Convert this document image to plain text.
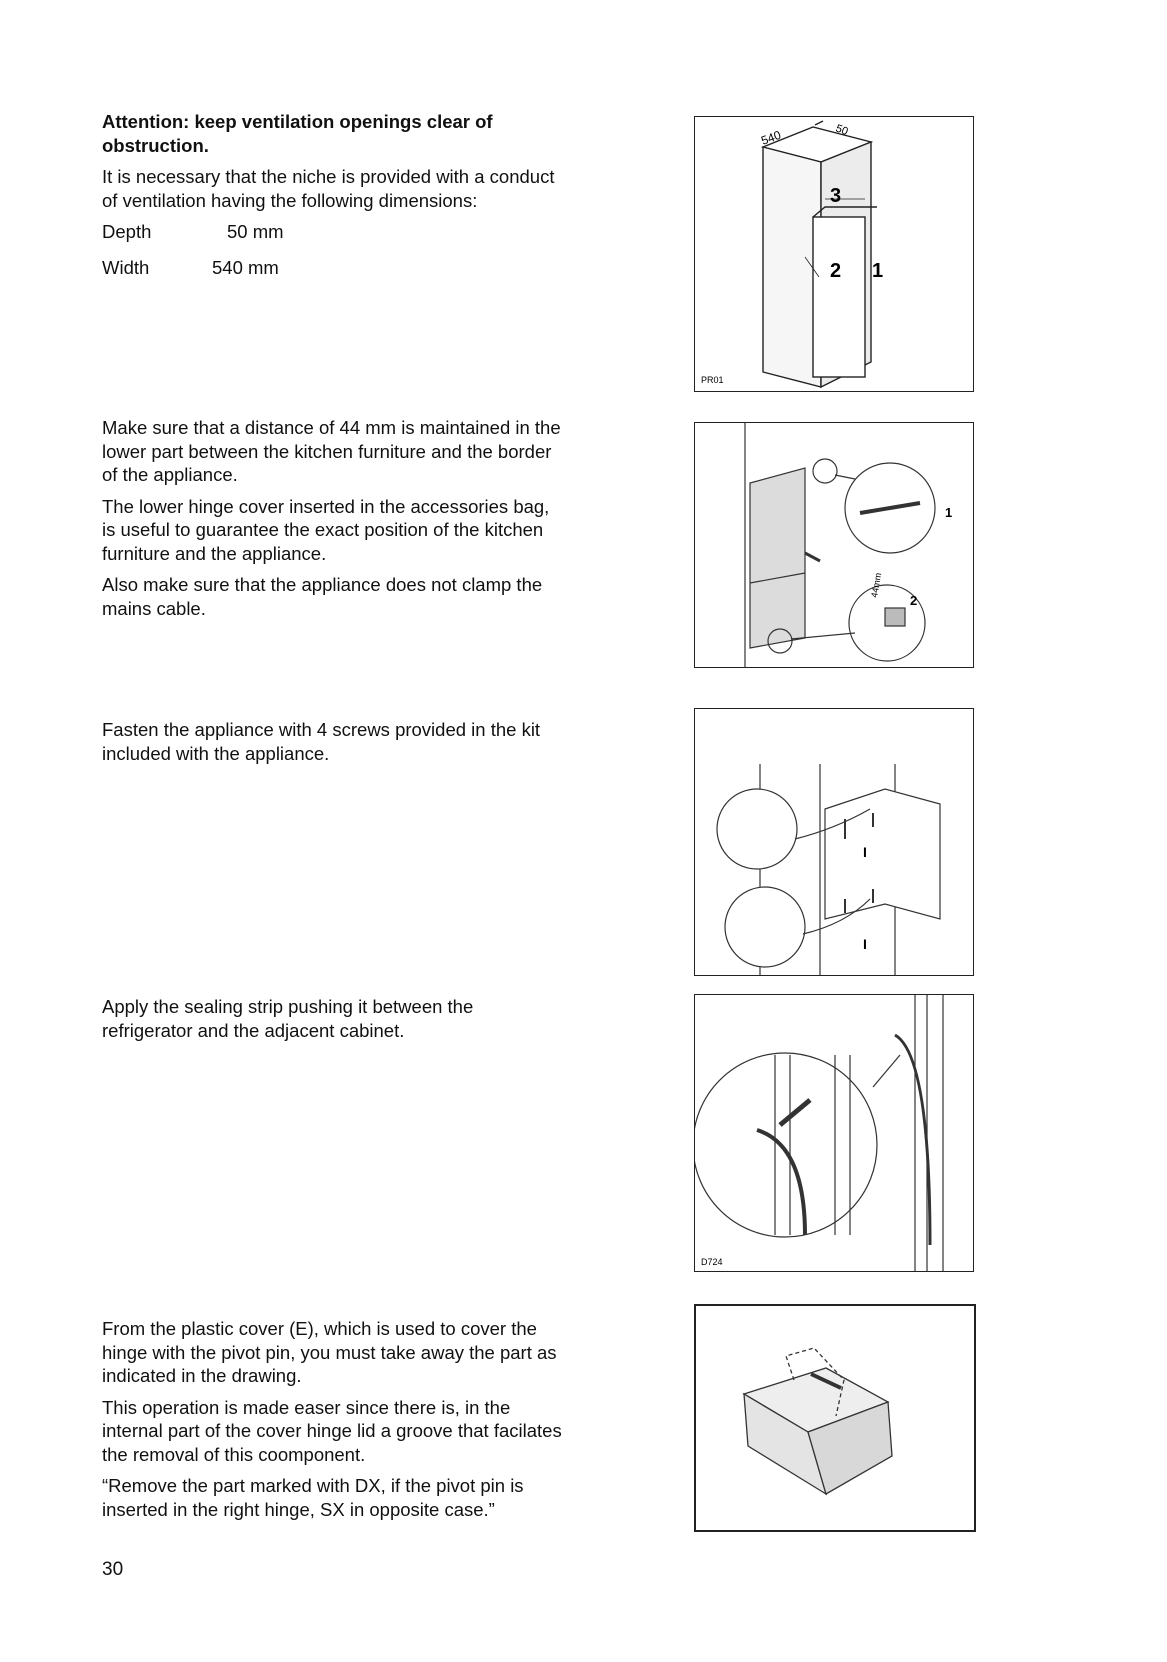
Attention: keep ventilation openings clear of obstruction.

It is necessary that the niche is provided with a conduct of ventilation having the following dimensions:

Depth	50 mm
Width	540 mm
540	50
1
2
3
PR01

Make sure that a distance of 44 mm is maintained in the lower part between the kitchen furniture and the border of the appliance.

The lower hinge cover inserted in the accessories bag, is useful to guarantee the exact position of the kitchen furniture and the appliance.

Also make sure that the appliance does not clamp the mains cable.

1
2
44mm

Fasten the appliance with 4 screws provided in the kit included with the appliance.

I
I

Apply the sealing strip pushing it between the refrigerator and the adjacent cabinet.

D724

From the plastic cover (E), which is used to cover the hinge with the pivot pin, you must take away the part as indicated in the drawing.

This operation is made easer since there is, in the internal part of the cover hinge lid a groove that facilates the removal of this coomponent.

“Remove the part marked with DX, if the pivot pin is inserted in the right hinge, SX in opposite case.”

30
